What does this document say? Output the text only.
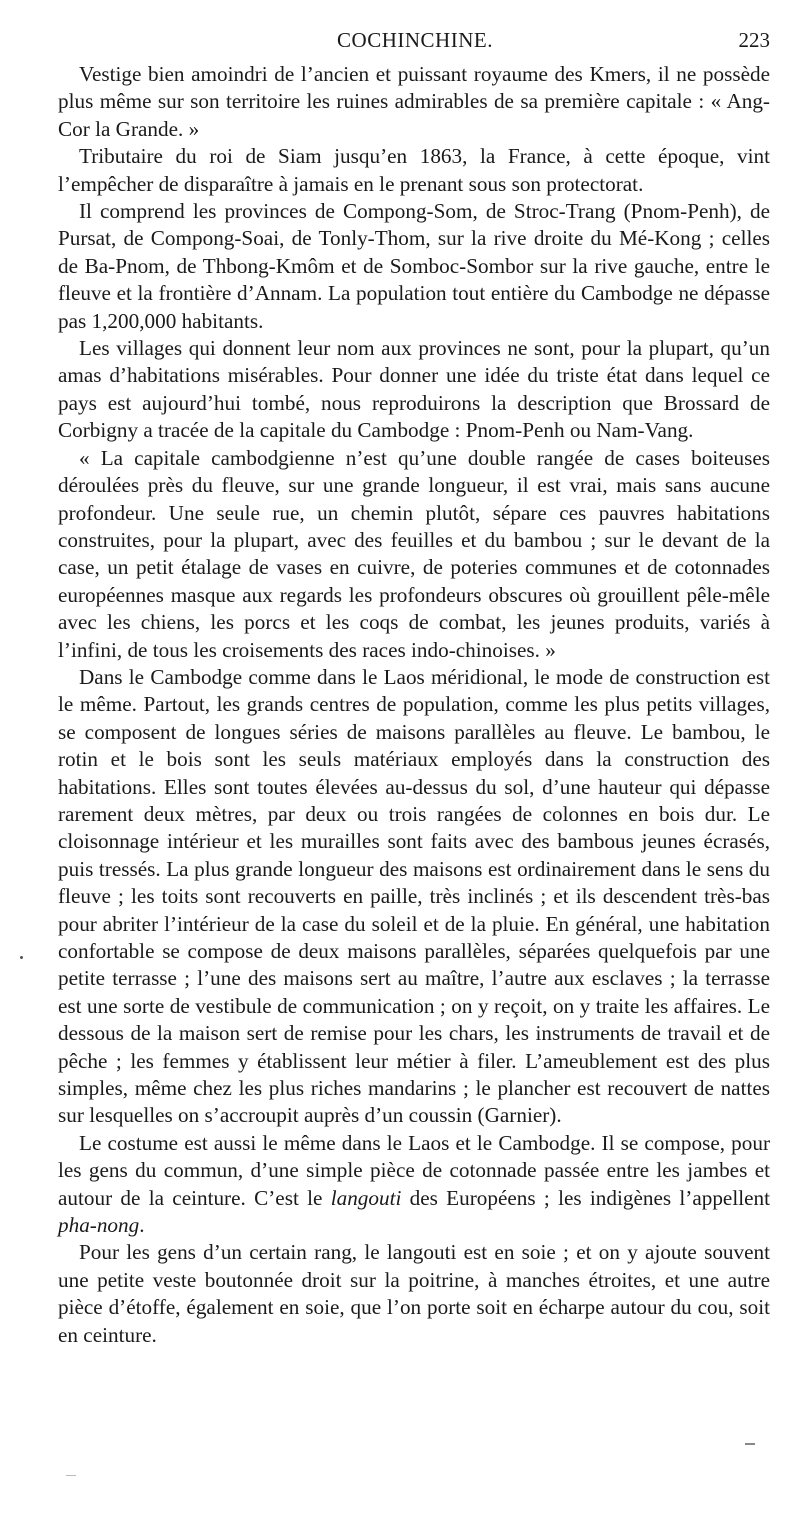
COCHINCHINE.	223

Vestige bien amoindri de l’ancien et puissant royaume des Kmers, il ne possède plus même sur son territoire les ruines admirables de sa première capitale : « Ang-Cor la Grande. »

Tributaire du roi de Siam jusqu’en 1863, la France, à cette époque, vint l’empêcher de disparaître à jamais en le prenant sous son protectorat.

Il comprend les provinces de Compong-Som, de Stroc-Trang (Pnom-Penh), de Pursat, de Compong-Soai, de Tonly-Thom, sur la rive droite du Mé-Kong ; celles de Ba-Pnom, de Thbong-Kmôm et de Somboc-Sombor sur la rive gauche, entre le fleuve et la frontière d’Annam. La population tout entière du Cambodge ne dépasse pas 1,200,000 habitants.

Les villages qui donnent leur nom aux provinces ne sont, pour la plupart, qu’un amas d’habitations misérables. Pour donner une idée du triste état dans lequel ce pays est aujourd’hui tombé, nous reproduirons la description que Brossard de Corbigny a tracée de la capitale du Cambodge : Pnom-Penh ou Nam-Vang.

« La capitale cambodgienne n’est qu’une double rangée de cases boiteuses déroulées près du fleuve, sur une grande longueur, il est vrai, mais sans aucune profondeur. Une seule rue, un chemin plutôt, sépare ces pauvres habitations construites, pour la plupart, avec des feuilles et du bambou ; sur le devant de la case, un petit étalage de vases en cuivre, de poteries communes et de cotonnades européennes masque aux regards les profondeurs obscures où grouillent pêle-mêle avec les chiens, les porcs et les coqs de combat, les jeunes produits, variés à l’infini, de tous les croisements des races indo-chinoises. »

Dans le Cambodge comme dans le Laos méridional, le mode de construction est le même. Partout, les grands centres de population, comme les plus petits villages, se composent de longues séries de maisons parallèles au fleuve. Le bambou, le rotin et le bois sont les seuls matériaux employés dans la construction des habitations. Elles sont toutes élevées au-dessus du sol, d’une hauteur qui dépasse rarement deux mètres, par deux ou trois rangées de colonnes en bois dur. Le cloisonnage intérieur et les murailles sont faits avec des bambous jeunes écrasés, puis tressés. La plus grande longueur des maisons est ordinairement dans le sens du fleuve ; les toits sont recouverts en paille, très inclinés ; et ils descendent très-bas pour abriter l’intérieur de la case du soleil et de la pluie. En général, une habitation confortable se compose de deux maisons parallèles, séparées quelquefois par une petite terrasse ; l’une des maisons sert au maître, l’autre aux esclaves ; la terrasse est une sorte de vestibule de communication ; on y reçoit, on y traite les affaires. Le dessous de la maison sert de remise pour les chars, les instruments de travail et de pêche ; les femmes y établissent leur métier à filer. L’ameublement est des plus simples, même chez les plus riches mandarins ; le plancher est recouvert de nattes sur lesquelles on s’accroupit auprès d’un coussin (Garnier).

Le costume est aussi le même dans le Laos et le Cambodge. Il se compose, pour les gens du commun, d’une simple pièce de cotonnade passée entre les jambes et autour de la ceinture. C’est le langouti des Européens ; les indigènes l’appellent pha-nong.

Pour les gens d’un certain rang, le langouti est en soie ; et on y ajoute souvent une petite veste boutonnée droit sur la poitrine, à manches étroites, et une autre pièce d’étoffe, également en soie, que l’on porte soit en écharpe autour du cou, soit en ceinture.
